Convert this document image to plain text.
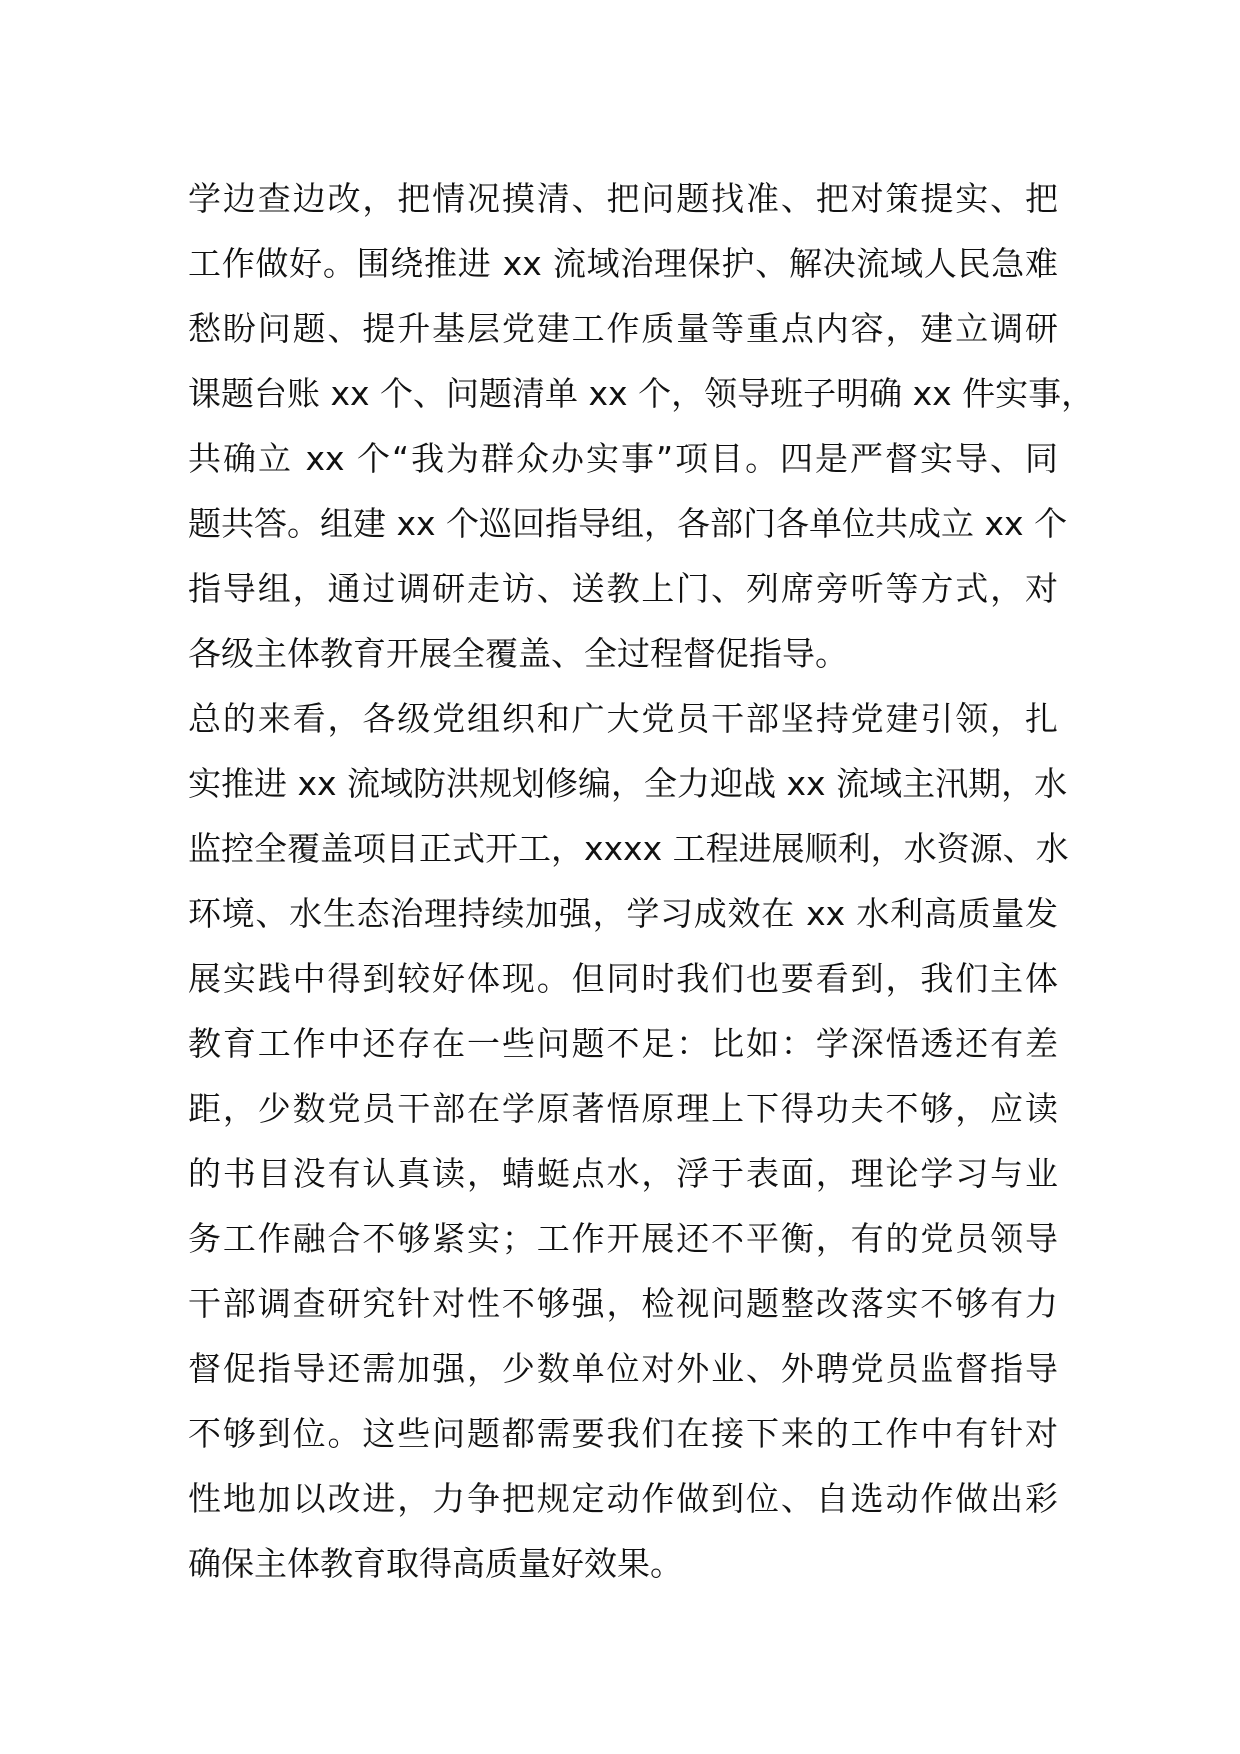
学边查边改，把情况摸清、把问题找准、把对策提实、把
工作做好。围绕推进 xx 流域治理保护、解决流域人民急难
愁盼问题、提升基层党建工作质量等重点内容，建立调研
课题台账 xx 个、问题清单 xx 个，领导班子明确 xx 件实事，
共确立 xx 个“我为群众办实事”项目。四是严督实导、同
题共答。组建 xx 个巡回指导组，各部门各单位共成立 xx 个
指导组，通过调研走访、送教上门、列席旁听等方式，对
各级主体教育开展全覆盖、全过程督促指导。
总的来看，各级党组织和广大党员干部坚持党建引领，扎
实推进 xx 流域防洪规划修编，全力迎战 xx 流域主汛期，水
监控全覆盖项目正式开工，xxxx 工程进展顺利，水资源、水
环境、水生态治理持续加强，学习成效在 xx 水利高质量发
展实践中得到较好体现。但同时我们也要看到，我们主体
教育工作中还存在一些问题不足：比如：学深悟透还有差
距，少数党员干部在学原著悟原理上下得功夫不够，应读
的书目没有认真读，蜻蜓点水，浮于表面，理论学习与业
务工作融合不够紧实；工作开展还不平衡，有的党员领导
干部调查研究针对性不够强，检视问题整改落实不够有力
督促指导还需加强，少数单位对外业、外聘党员监督指导
不够到位。这些问题都需要我们在接下来的工作中有针对
性地加以改进，力争把规定动作做到位、自选动作做出彩
确保主体教育取得高质量好效果。
